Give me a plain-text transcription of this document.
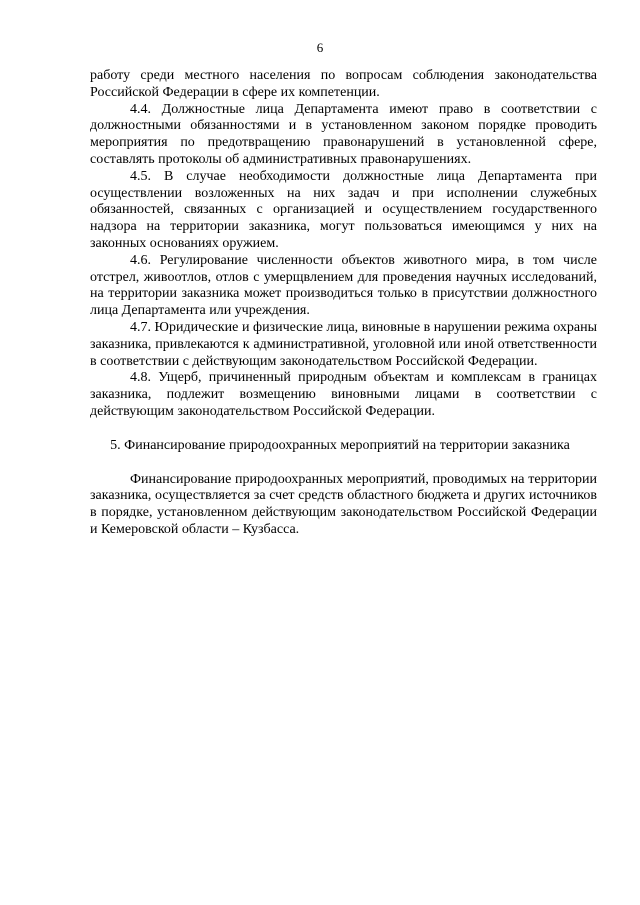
6

работу среди местного населения по вопросам соблюдения законодательства Российской Федерации в сфере их компетенции.

4.4. Должностные лица Департамента имеют право в соответствии с должностными обязанностями и в установленном законом порядке проводить мероприятия по предотвращению правонарушений в установленной сфере, составлять протоколы об административных правонарушениях.

4.5. В случае необходимости должностные лица Департамента при осуществлении возложенных на них задач и при исполнении служебных обязанностей, связанных с организацией и осуществлением государственного надзора на территории заказника, могут пользоваться имеющимся у них на законных основаниях оружием.

4.6. Регулирование численности объектов животного мира, в том числе отстрел, живоотлов, отлов с умерщвлением для проведения научных исследований, на территории заказника может производиться только в присутствии должностного лица Департамента или учреждения.

4.7. Юридические и физические лица, виновные в нарушении режима охраны заказника, привлекаются к административной, уголовной или иной ответственности в соответствии с действующим законодательством Российской Федерации.

4.8. Ущерб, причиненный природным объектам и комплексам в границах заказника, подлежит возмещению виновными лицами в соответствии с действующим законодательством Российской Федерации.

5. Финансирование природоохранных мероприятий на территории заказника

Финансирование природоохранных мероприятий, проводимых на территории заказника, осуществляется за счет средств областного бюджета и других источников в порядке, установленном действующим законодательством Российской Федерации и Кемеровской области – Кузбасса.
